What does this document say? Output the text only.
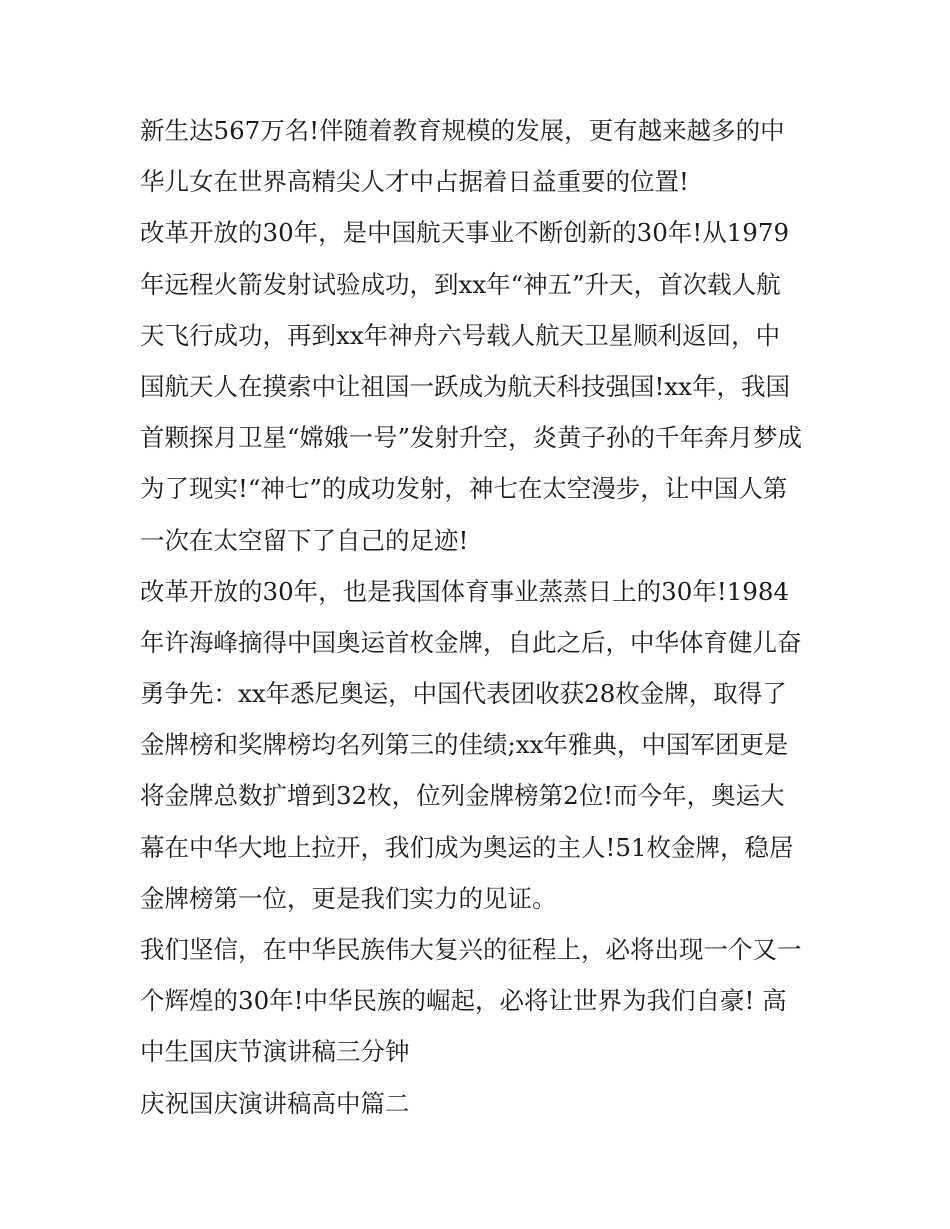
新生达567万名!伴随着教育规模的发展，更有越来越多的中
华儿女在世界高精尖人才中占据着日益重要的位置!
改革开放的30年，是中国航天事业不断创新的30年!从1979
年远程火箭发射试验成功，到xx年“神五”升天，首次载人航
天飞行成功，再到xx年神舟六号载人航天卫星顺利返回，中
国航天人在摸索中让祖国一跃成为航天科技强国!xx年，我国
首颗探月卫星“嫦娥一号”发射升空，炎黄子孙的千年奔月梦成
为了现实!“神七”的成功发射，神七在太空漫步，让中国人第
一次在太空留下了自己的足迹!
改革开放的30年，也是我国体育事业蒸蒸日上的30年!1984
年许海峰摘得中国奥运首枚金牌，自此之后，中华体育健儿奋
勇争先：xx年悉尼奥运，中国代表团收获28枚金牌，取得了
金牌榜和奖牌榜均名列第三的佳绩;xx年雅典，中国军团更是
将金牌总数扩增到32枚，位列金牌榜第2位!而今年，奥运大
幕在中华大地上拉开，我们成为奥运的主人!51枚金牌，稳居
金牌榜第一位，更是我们实力的见证。
我们坚信，在中华民族伟大复兴的征程上，必将出现一个又一
个辉煌的30年!中华民族的崛起，必将让世界为我们自豪! 高
中生国庆节演讲稿三分钟
庆祝国庆演讲稿高中篇二
